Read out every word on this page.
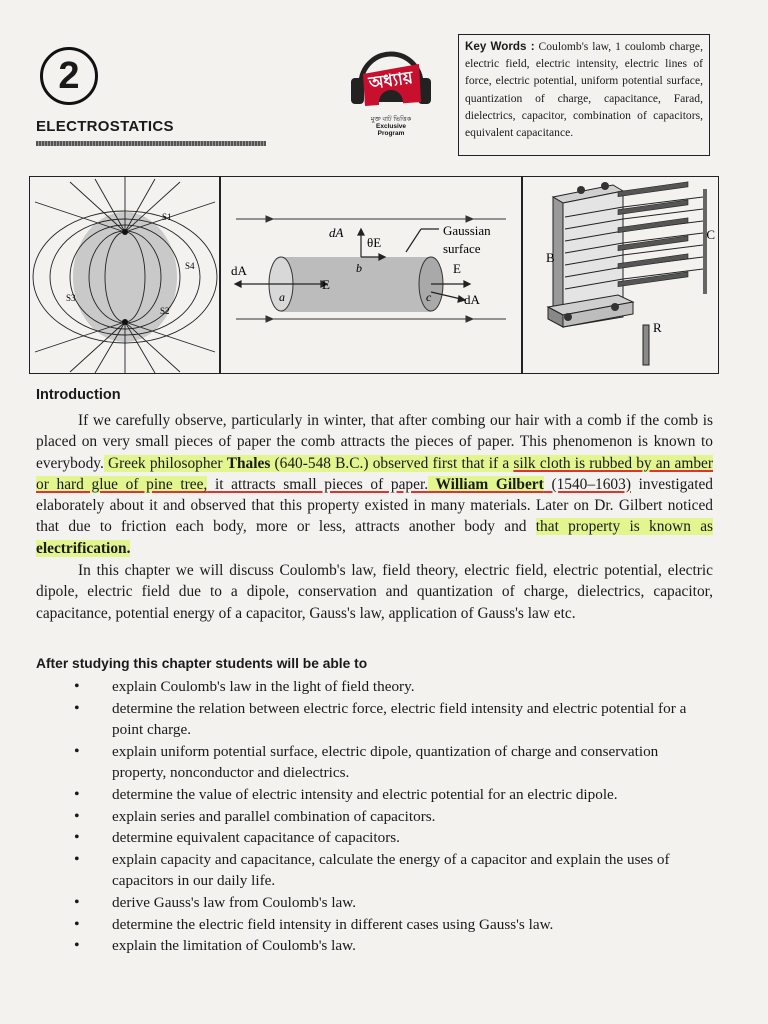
2
ELECTROSTATICS
অধ্যায়
মুক্ত বাট ভিত্তিক
Exclusive
Program
Key Words : Coulomb's law, 1 coulomb charge, electric field, electric intensity, electric lines of force, electric potential, uniform potential surface, quantization of charge, capacitance, Farad, dielectrics, capacitor, combination of capacitors, equivalent capacitance.
S1
S4
S3
S2
dA
θE
Gaussian
surface
dA
E
a
b
c
E
dA
B
C
R
Introduction
If we carefully observe, particularly in winter, that after combing our hair with a comb if the comb is placed on very small pieces of paper the comb attracts the pieces of paper. This phenomenon is known to everybody. Greek philosopher Thales (640-548 B.C.) observed first that if a silk cloth is rubbed by an amber or hard glue of pine tree, it attracts small pieces of paper. William Gilbert (1540–1603) investigated elaborately about it and observed that this property existed in many materials. Later on Dr. Gilbert noticed that due to friction each body, more or less, attracts another body and that property is known as electrification.
In this chapter we will discuss Coulomb's law, field theory, electric field, electric potential, electric dipole, electric field due to a dipole, conservation and quantization of charge, dielectrics, capacitor, capacitance, potential energy of a capacitor, Gauss's law, application of Gauss's law etc.
After studying this chapter students will be able to
• explain Coulomb's law in the light of field theory.
• determine the relation between electric force, electric field intensity and electric potential for a point charge.
• explain uniform potential surface, electric dipole, quantization of charge and conservation property, nonconductor and dielectrics.
• determine the value of electric intensity and electric potential for an electric dipole.
• explain series and parallel combination of capacitors.
• determine equivalent capacitance of capacitors.
• explain capacity and capacitance, calculate the energy of a capacitor and explain the uses of capacitors in our daily life.
• derive Gauss's law from Coulomb's law.
• determine the electric field intensity in different cases using Gauss's law.
• explain the limitation of Coulomb's law.
